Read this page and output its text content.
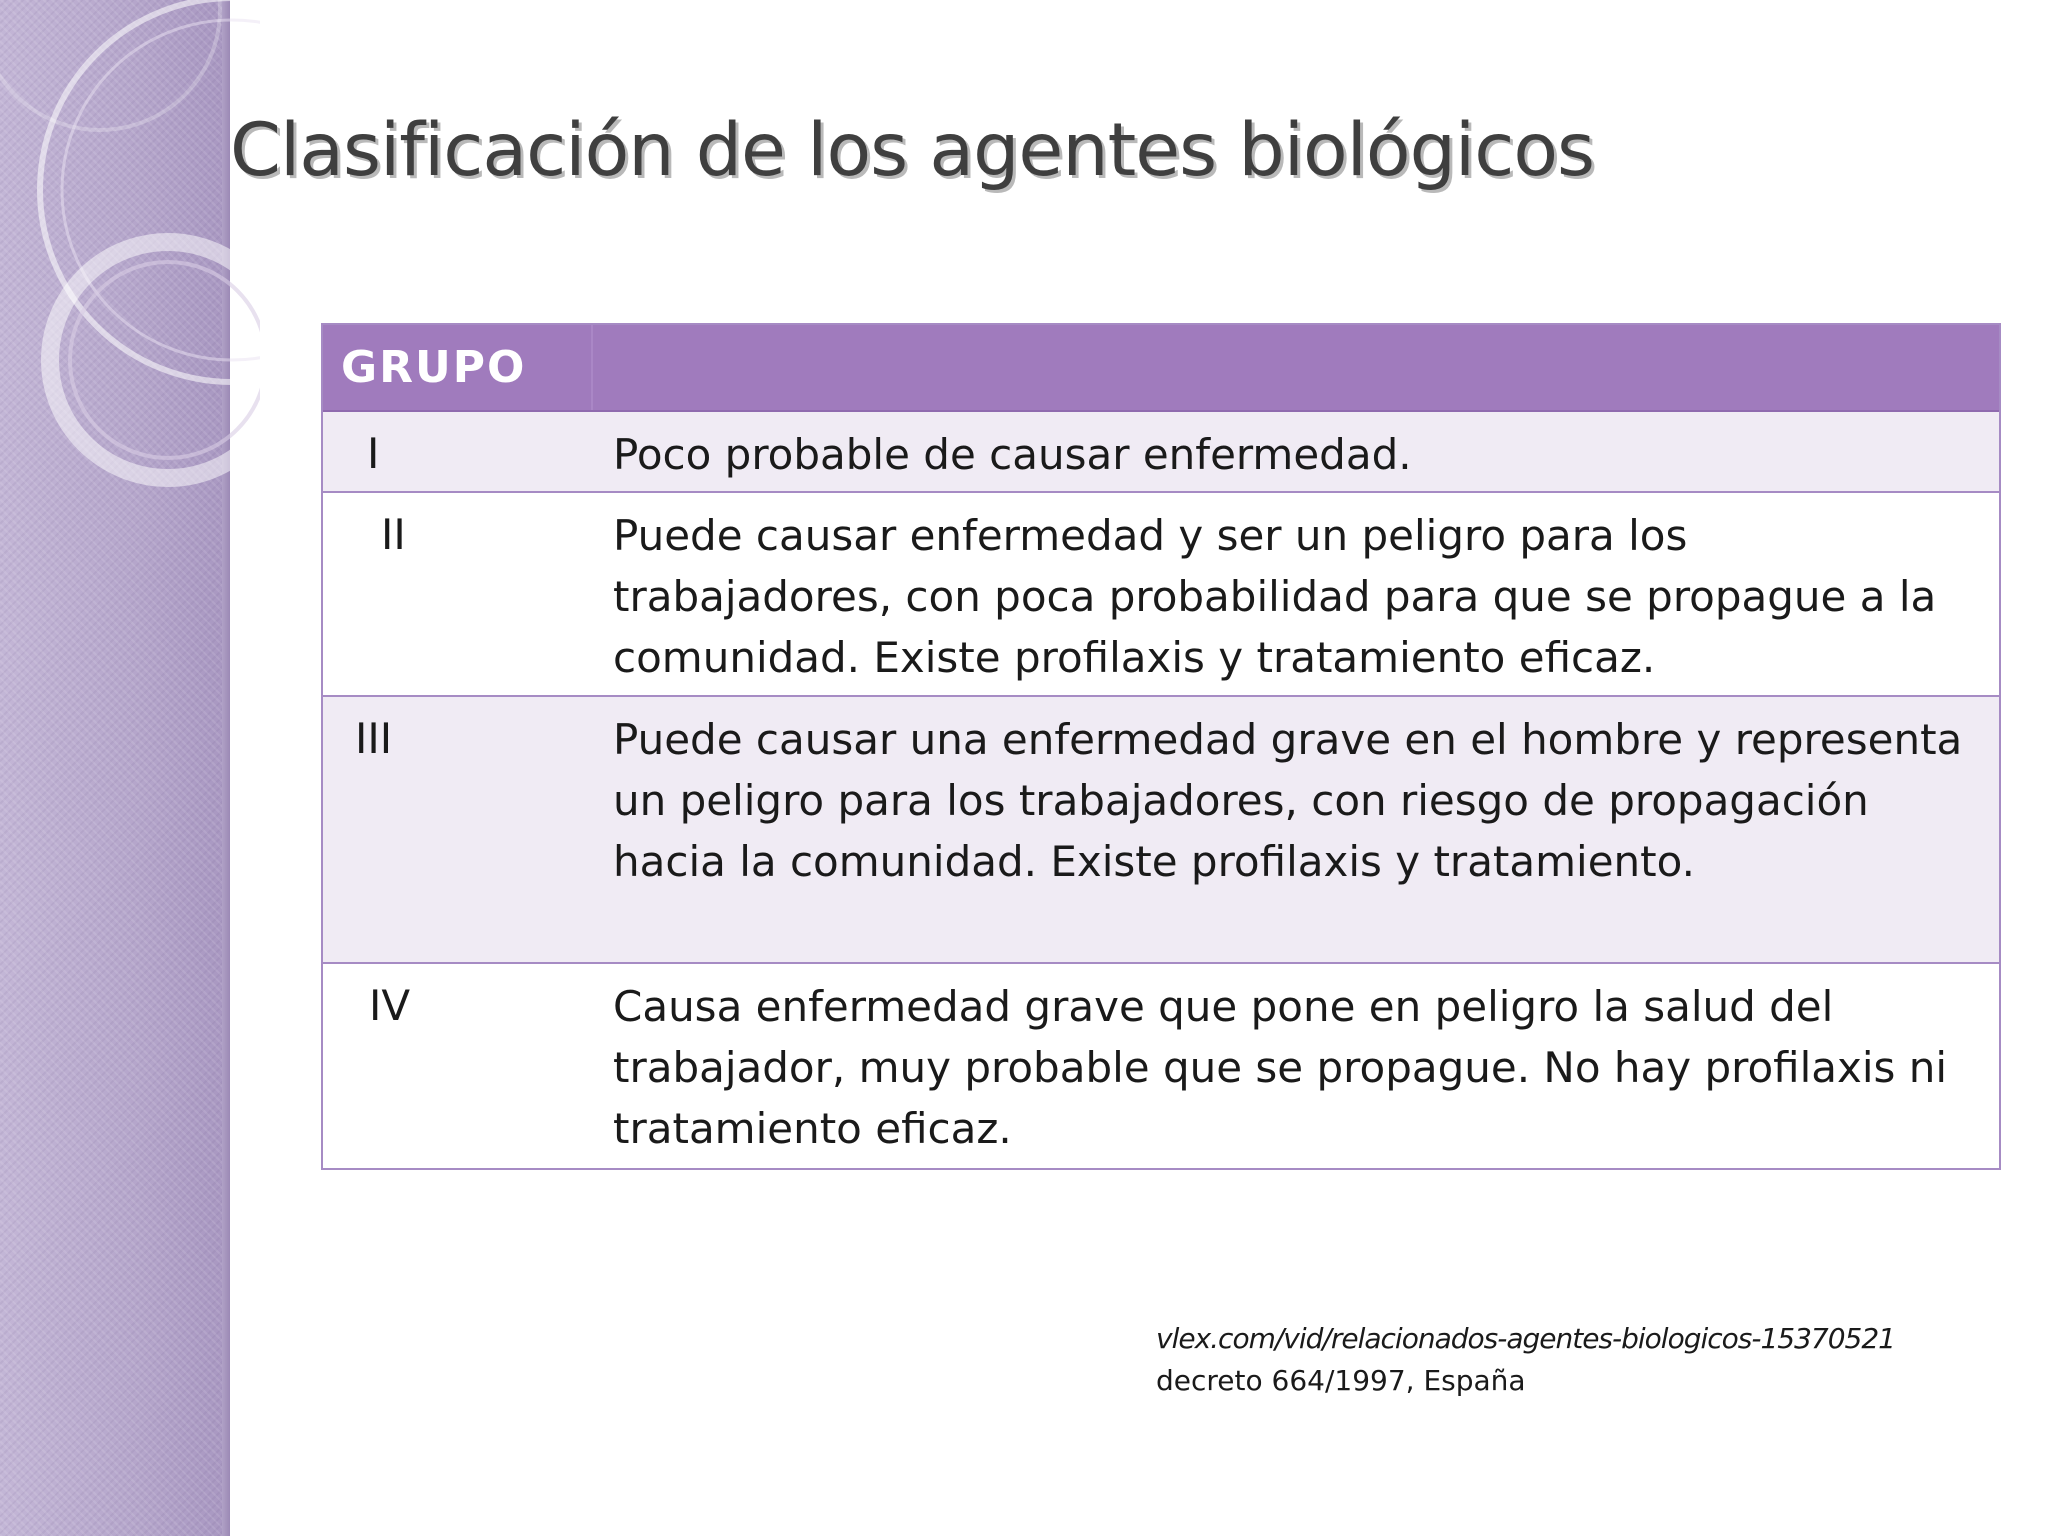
Clasificación de los agentes biológicos
GRUPO
I	Poco probable de causar enfermedad.
II	Puede causar enfermedad y ser un peligro para los trabajadores, con poca probabilidad para que se propague a la comunidad. Existe profilaxis y tratamiento eficaz.
III	Puede causar una enfermedad grave en el hombre y representa un peligro para los trabajadores, con riesgo de propagación hacia la comunidad. Existe profilaxis y tratamiento.
IV	Causa enfermedad grave que pone en peligro la salud del trabajador, muy probable que se propague. No hay profilaxis ni tratamiento eficaz.
vlex.com/vid/relacionados-agentes-biologicos-15370521
decreto 664/1997, España
